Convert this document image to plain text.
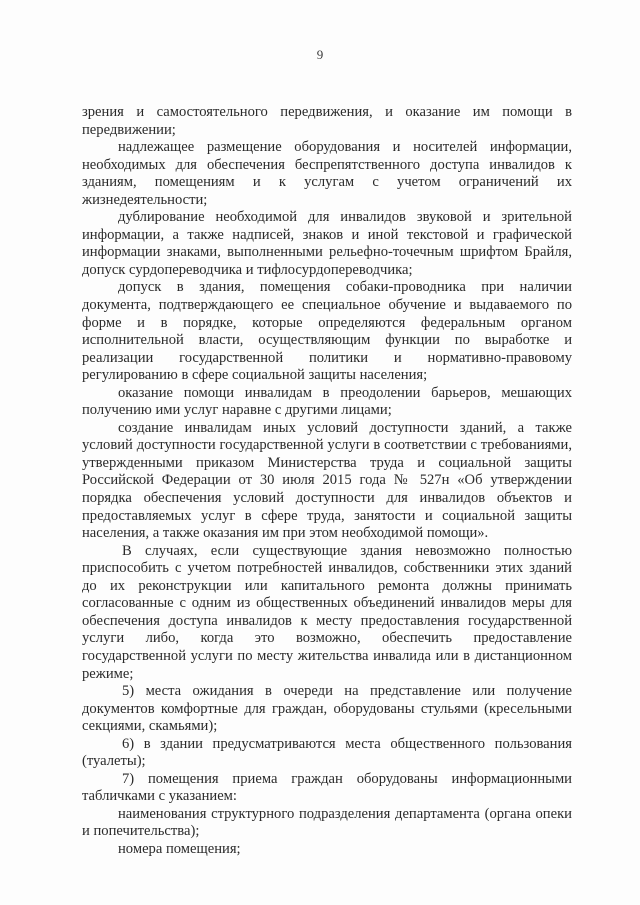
9

зрения и самостоятельного передвижения, и оказание им помощи в передвижении;

надлежащее размещение оборудования и носителей информации, необходимых для обеспечения беспрепятственного доступа инвалидов к зданиям, помещениям и к услугам с учетом ограничений их жизнедеятельности;

дублирование необходимой для инвалидов звуковой и зрительной информации, а также надписей, знаков и иной текстовой и графической информации знаками, выполненными рельефно-точечным шрифтом Брайля, допуск сурдопереводчика и тифлосурдопереводчика;

допуск в здания, помещения собаки-проводника при наличии документа, подтверждающего ее специальное обучение и выдаваемого по форме и в порядке, которые определяются федеральным органом исполнительной власти, осуществляющим функции по выработке и реализации государственной политики и нормативно-правовому регулированию в сфере социальной защиты населения;

оказание помощи инвалидам в преодолении барьеров, мешающих получению ими услуг наравне с другими лицами;

создание инвалидам иных условий доступности зданий, а также условий доступности государственной услуги в соответствии с требованиями, утвержденными приказом Министерства труда и социальной защиты Российской Федерации от 30 июля 2015 года № 527н «Об утверждении порядка обеспечения условий доступности для инвалидов объектов и предоставляемых услуг в сфере труда, занятости и социальной защиты населения, а также оказания им при этом необходимой помощи».

В случаях, если существующие здания невозможно полностью приспособить с учетом потребностей инвалидов, собственники этих зданий до их реконструкции или капитального ремонта должны принимать согласованные с одним из общественных объединений инвалидов меры для обеспечения доступа инвалидов к месту предоставления государственной услуги либо, когда это возможно, обеспечить предоставление государственной услуги по месту жительства инвалида или в дистанционном режиме;

5) места ожидания в очереди на представление или получение документов комфортные для граждан, оборудованы стульями (кресельными секциями, скамьями);

6) в здании предусматриваются места общественного пользования (туалеты);

7) помещения приема граждан оборудованы информационными табличками с указанием:

наименования структурного подразделения департамента (органа опеки и попечительства);

номера помещения;
